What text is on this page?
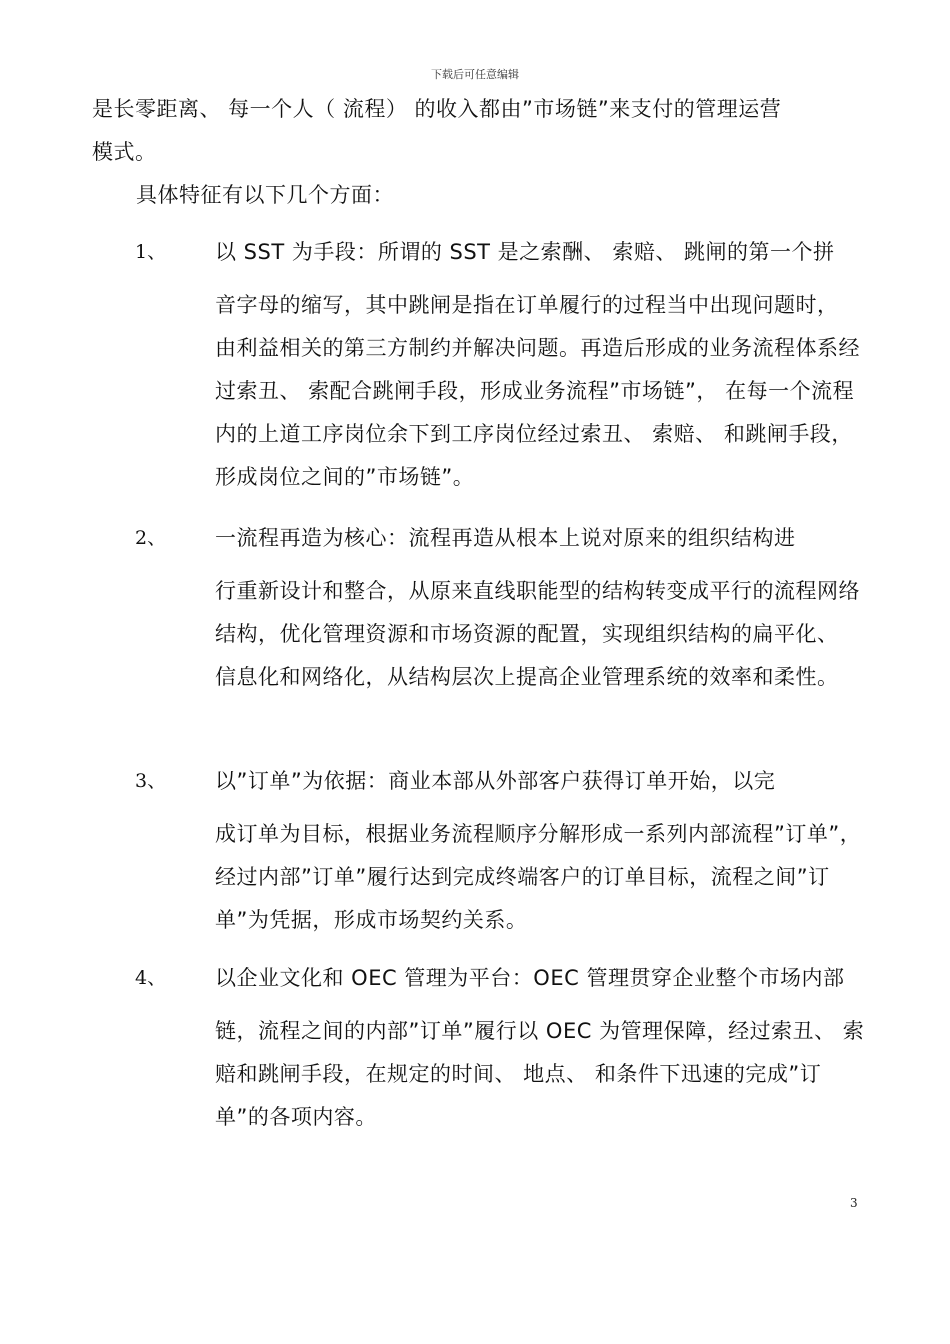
下载后可任意编辑
是长零距离、 每一个人（ 流程） 的收入都由”市场链”来支付的管理运营
模式。
具体特征有以下几个方面：
1、 以 SST 为手段：所谓的 SST 是之索酬、 索赔、 跳闸的第一个拼
音字母的缩写，其中跳闸是指在订单履行的过程当中出现问题时， 由利益相关的第三方制约并解决问题。再造后形成的业务流程体系经过索丑、 索配合跳闸手段，形成业务流程”市场链”， 在每一个流程内的上道工序岗位余下到工序岗位经过索丑、 索赔、 和跳闸手段，形成岗位之间的”市场链”。
2、 一流程再造为核心：流程再造从根本上说对原来的组织结构进
行重新设计和整合，从原来直线职能型的结构转变成平行的流程网络结构，优化管理资源和市场资源的配置，实现组织结构的扁平化、 信息化和网络化，从结构层次上提高企业管理系统的效率和柔性。
3、 以”订单”为依据：商业本部从外部客户获得订单开始，以完
成订单为目标，根据业务流程顺序分解形成一系列内部流程”订单”， 经过内部”订单”履行达到完成终端客户的订单目标，流程之间”订单”为凭据，形成市场契约关系。
4、 以企业文化和 OEC 管理为平台：OEC 管理贯穿企业整个市场内部
链，流程之间的内部”订单”履行以 OEC 为管理保障，经过索丑、 索赔和跳闸手段，在规定的时间、 地点、 和条件下迅速的完成”订单”的各项内容。
3
